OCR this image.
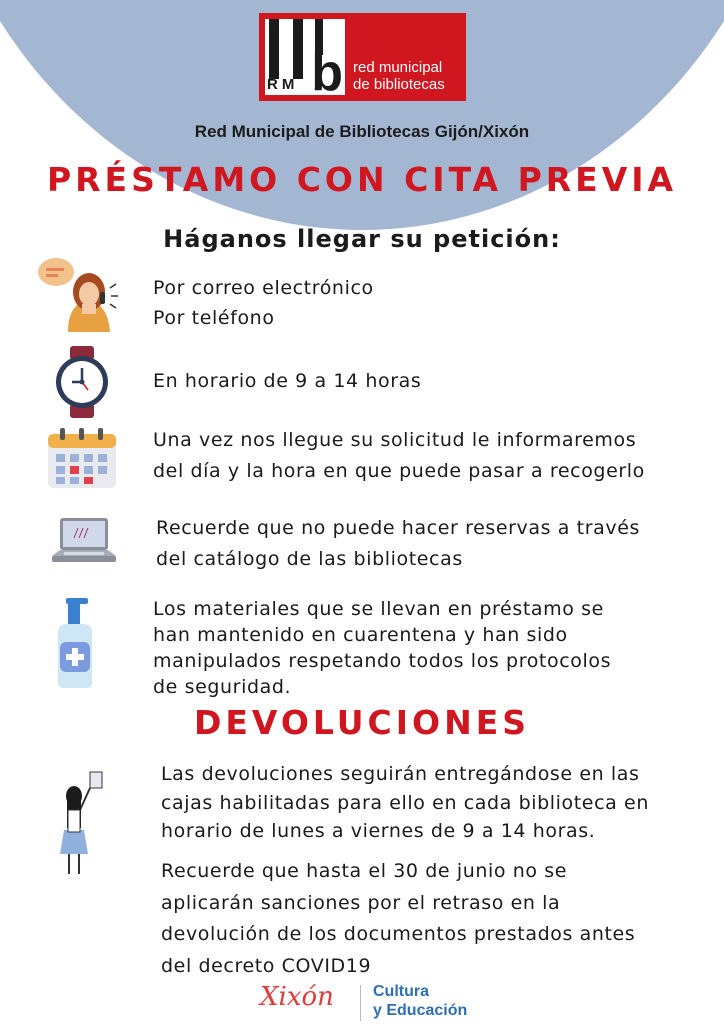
RM b red municipal
de bibliotecas
Red Municipal de Bibliotecas Gijón/Xixón
PRÉSTAMO CON CITA PREVIA
Háganos llegar su petición:
Por correo electrónico
Por teléfono
En horario de 9 a 14 horas
Una vez nos llegue su solicitud le informaremos
del día y la hora en que puede pasar a recogerlo
Recuerde que no puede hacer reservas a través
del catálogo de las bibliotecas
Los materiales que se llevan en préstamo se
han mantenido en cuarentena y han sido
manipulados respetando todos los protocolos
de seguridad.
DEVOLUCIONES
Las devoluciones seguirán entregándose en las
cajas habilitadas para ello en cada biblioteca en
horario de lunes a viernes de 9 a 14 horas.
Recuerde que hasta el 30 de junio no se
aplicarán sanciones por el retraso en la
devolución de los documentos prestados antes
del decreto COVID19
Xixón Cultura
y Educación
